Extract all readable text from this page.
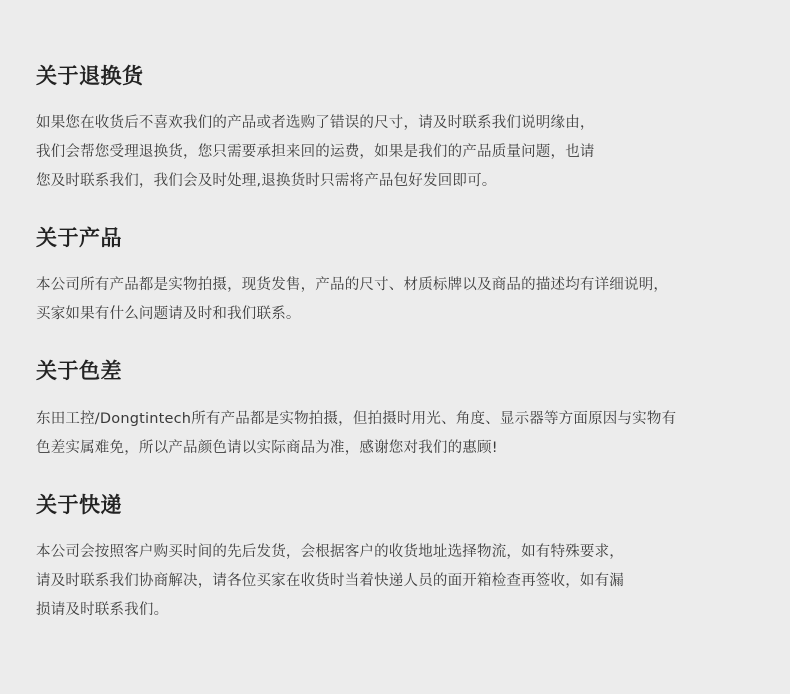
关于退换货

如果您在收货后不喜欢我们的产品或者选购了错误的尺寸，请及时联系我们说明缘由，

我们会帮您受理退换货，您只需要承担来回的运费，如果是我们的产品质量问题，也请

您及时联系我们，我们会及时处理,退换货时只需将产品包好发回即可。

关于产品

本公司所有产品都是实物拍摄，现货发售，产品的尺寸、材质标牌以及商品的描述均有详细说明，

买家如果有什么问题请及时和我们联系。

关于色差

东田工控/Dongtintech所有产品都是实物拍摄，但拍摄时用光、角度、显示器等方面原因与实物有

色差实属难免，所以产品颜色请以实际商品为准，感谢您对我们的惠顾!

关于快递

本公司会按照客户购买时间的先后发货，会根据客户的收货地址选择物流，如有特殊要求，

请及时联系我们协商解决，请各位买家在收货时当着快递人员的面开箱检查再签收，如有漏

损请及时联系我们。
